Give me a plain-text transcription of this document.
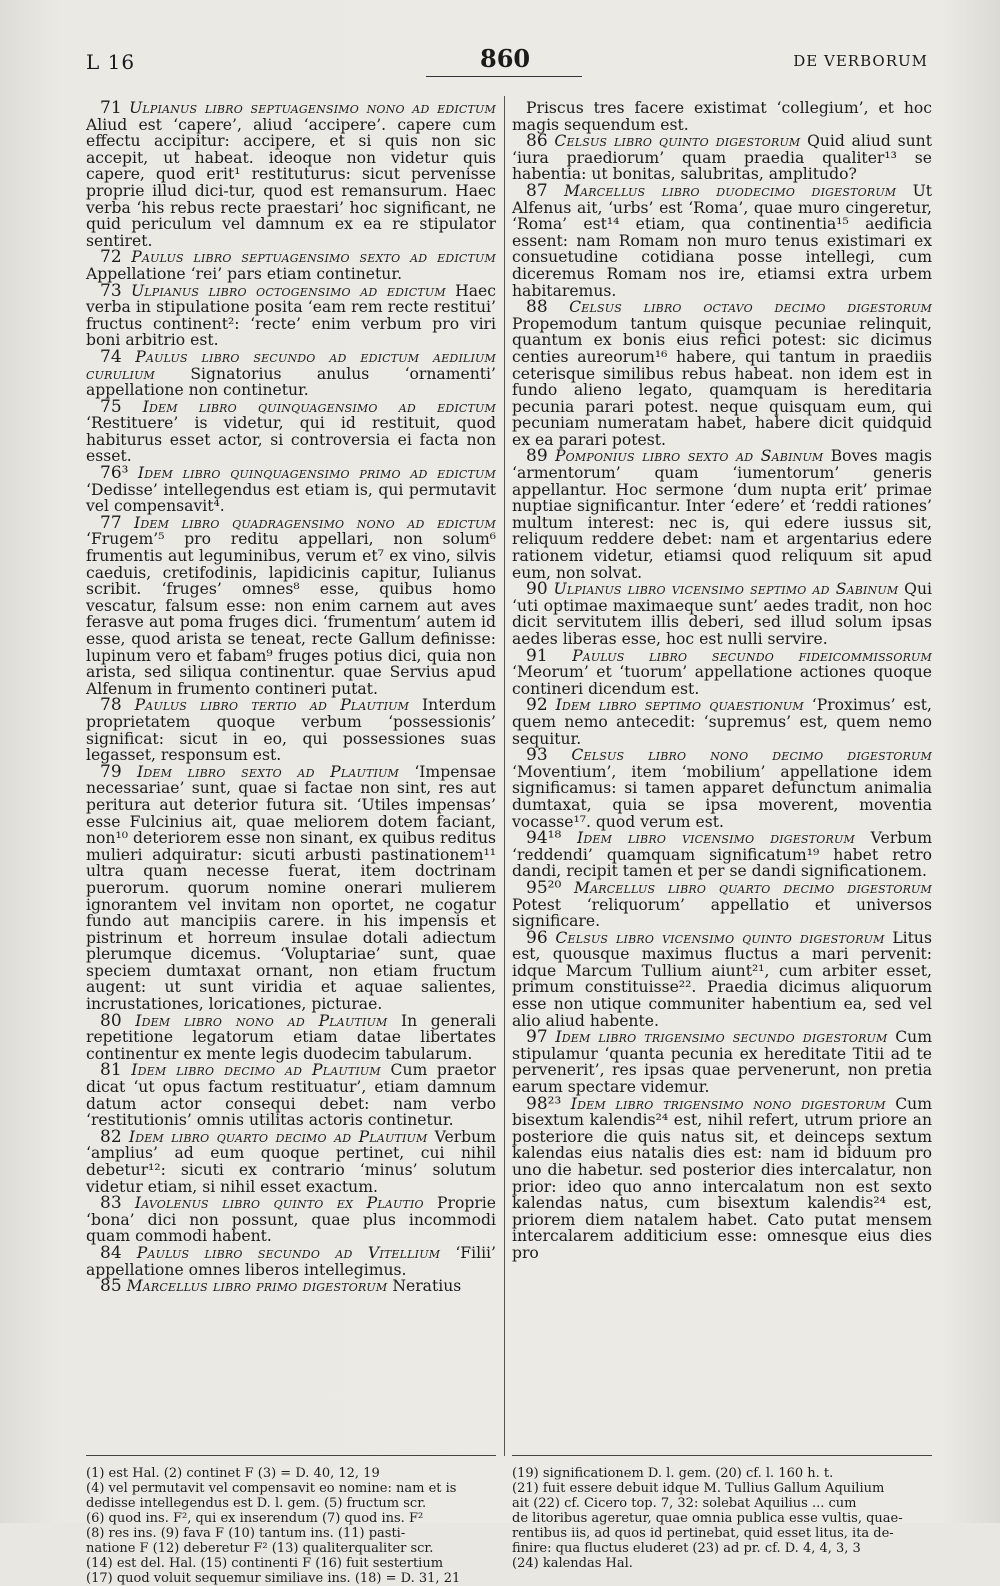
L 16	860	DE VERBORUM

71 Ulpianus libro septuagensimo nono ad edictum Aliud est ‘capere’, aliud ‘accipere’. capere cum effectu accipitur: accipere, et si quis non sic accepit, ut habeat. ideoque non videtur quis capere, quod erit¹ restituturus: sicut pervenisse proprie illud dici-tur, quod est remansurum. Haec verba ‘his rebus recte praestari’ hoc significant, ne quid periculum vel damnum ex ea re stipulator sentiret.

72 Paulus libro septuagensimo sexto ad edictum Appellatione ‘rei’ pars etiam continetur.

73 Ulpianus libro octogensimo ad edictum Haec verba in stipulatione posita ‘eam rem recte restitui’ fructus continent²: ‘recte’ enim verbum pro viri boni arbitrio est.

74 Paulus libro secundo ad edictum aedilium curulium Signatorius anulus ‘ornamenti’ appellatione non continetur.

75 Idem libro quinquagensimo ad edictum ‘Restituere’ is videtur, qui id restituit, quod habiturus esset actor, si controversia ei facta non esset.

76³ Idem libro quinquagensimo primo ad edictum ‘Dedisse’ intellegendus est etiam is, qui permutavit vel compensavit⁴.

77 Idem libro quadragensimo nono ad edictum ‘Frugem’⁵ pro reditu appellari, non solum⁶ frumentis aut leguminibus, verum et⁷ ex vino, silvis caeduis, cretifodinis, lapidicinis capitur, Iulianus scribit. ‘fruges’ omnes⁸ esse, quibus homo vescatur, falsum esse: non enim carnem aut aves ferasve aut poma fruges dici. ‘frumentum’ autem id esse, quod arista se teneat, recte Gallum definisse: lupinum vero et fabam⁹ fruges potius dici, quia non arista, sed siliqua continentur. quae Servius apud Alfenum in frumento contineri putat.

78 Paulus libro tertio ad Plautium Interdum proprietatem quoque verbum ‘possessionis’ significat: sicut in eo, qui possessiones suas legasset, responsum est.

79 Idem libro sexto ad Plautium ‘Impensae necessariae’ sunt, quae si factae non sint, res aut peritura aut deterior futura sit. ‘Utiles impensas’ esse Fulcinius ait, quae meliorem dotem faciant, non¹⁰ deteriorem esse non sinant, ex quibus reditus mulieri adquiratur: sicuti arbusti pastinationem¹¹ ultra quam necesse fuerat, item doctrinam puerorum. quorum nomine onerari mulierem ignorantem vel invitam non oportet, ne cogatur fundo aut mancipiis carere. in his impensis et pistrinum et horreum insulae dotali adiectum plerumque dicemus. ‘Voluptariae’ sunt, quae speciem dumtaxat ornant, non etiam fructum augent: ut sunt viridia et aquae salientes, incrustationes, loricationes, picturae.

80 Idem libro nono ad Plautium In generali repetitione legatorum etiam datae libertates continentur ex mente legis duodecim tabularum.

81 Idem libro decimo ad Plautium Cum praetor dicat ‘ut opus factum restituatur’, etiam damnum datum actor consequi debet: nam verbo ‘restitutionis’ omnis utilitas actoris continetur.

82 Idem libro quarto decimo ad Plautium Verbum ‘amplius’ ad eum quoque pertinet, cui nihil debetur¹²: sicuti ex contrario ‘minus’ solutum videtur etiam, si nihil esset exactum.

83 Iavolenus libro quinto ex Plautio Proprie ‘bona’ dici non possunt, quae plus incommodi quam commodi habent.

84 Paulus libro secundo ad Vitellium ‘Filii’ appellatione omnes liberos intellegimus.

85 Marcellus libro primo digestorum Neratius

Priscus tres facere existimat ‘collegium’, et hoc magis sequendum est.

86 Celsus libro quinto digestorum Quid aliud sunt ‘iura praediorum’ quam praedia qualiter¹³ se habentia: ut bonitas, salubritas, amplitudo?

87 Marcellus libro duodecimo digestorum Ut Alfenus ait, ‘urbs’ est ‘Roma’, quae muro cingeretur, ‘Roma’ est¹⁴ etiam, qua continentia¹⁵ aedificia essent: nam Romam non muro tenus existimari ex consuetudine cotidiana posse intellegi, cum diceremus Romam nos ire, etiamsi extra urbem habitaremus.

88 Celsus libro octavo decimo digestorum Propemodum tantum quisque pecuniae relinquit, quantum ex bonis eius refici potest: sic dicimus centies aureorum¹⁶ habere, qui tantum in praediis ceterisque similibus rebus habeat. non idem est in fundo alieno legato, quamquam is hereditaria pecunia parari potest. neque quisquam eum, qui pecuniam numeratam habet, habere dicit quidquid ex ea parari potest.

89 Pomponius libro sexto ad Sabinum Boves magis ‘armentorum’ quam ‘iumentorum’ generis appellantur. Hoc sermone ‘dum nupta erit’ primae nuptiae significantur. Inter ‘edere’ et ‘reddi rationes’ multum interest: nec is, qui edere iussus sit, reliquum reddere debet: nam et argentarius edere rationem videtur, etiamsi quod reliquum sit apud eum, non solvat.

90 Ulpianus libro vicensimo septimo ad Sabinum Qui ‘uti optimae maximaeque sunt’ aedes tradit, non hoc dicit servitutem illis deberi, sed illud solum ipsas aedes liberas esse, hoc est nulli servire.

91 Paulus libro secundo fideicommissorum ‘Meorum’ et ‘tuorum’ appellatione actiones quoque contineri dicendum est.

92 Idem libro septimo quaestionum ‘Proximus’ est, quem nemo antecedit: ‘supremus’ est, quem nemo sequitur.

93 Celsus libro nono decimo digestorum ‘Moventium’, item ‘mobilium’ appellatione idem significamus: si tamen apparet defunctum animalia dumtaxat, quia se ipsa moverent, moventia vocasse¹⁷. quod verum est.

94¹⁸ Idem libro vicensimo digestorum Verbum ‘reddendi’ quamquam significatum¹⁹ habet retro dandi, recipit tamen et per se dandi significationem.

95²⁰ Marcellus libro quarto decimo digestorum Potest ‘reliquorum’ appellatio et universos significare.

96 Celsus libro vicensimo quinto digestorum Litus est, quousque maximus fluctus a mari pervenit: idque Marcum Tullium aiunt²¹, cum arbiter esset, primum constituisse²². Praedia dicimus aliquorum esse non utique communiter habentium ea, sed vel alio aliud habente.

97 Idem libro trigensimo secundo digestorum Cum stipulamur ‘quanta pecunia ex hereditate Titii ad te pervenerit’, res ipsas quae pervenerunt, non pretia earum spectare videmur.

98²³ Idem libro trigensimo nono digestorum Cum bisextum kalendis²⁴ est, nihil refert, utrum priore an posteriore die quis natus sit, et deinceps sextum kalendas eius natalis dies est: nam id biduum pro uno die habetur. sed posterior dies intercalatur, non prior: ideo quo anno intercalatum non est sexto kalendas natus, cum bisextum kalendis²⁴ est, priorem diem natalem habet. Cato putat mensem intercalarem additicium esse: omnesque eius dies pro

(1) est Hal. (2) continet F (3) = D. 40, 12, 19
(4) vel permutavit vel compensavit eo nomine: nam et is
dedisse intellegendus est D. l. gem. (5) fructum scr.
(6) quod ins. F², qui ex inserendum (7) quod ins. F²
(8) res ins. (9) fava F (10) tantum ins. (11) pasti-
natione F (12) deberetur F² (13) qualiterqualiter scr.
(14) est del. Hal. (15) continenti F (16) fuit sestertium
(17) quod voluit sequemur similiave ins. (18) = D. 31, 21
(19) significationem D. l. gem. (20) cf. l. 160 h. t.
(21) fuit essere debuit idque M. Tullius Gallum Aquilium
ait (22) cf. Cicero top. 7, 32: solebat Aquilius ... cum
de litoribus ageretur, quae omnia publica esse vultis, quae-
rentibus iis, ad quos id pertinebat, quid esset litus, ita de-
finire: qua fluctus eluderet (23) ad pr. cf. D. 4, 4, 3, 3
(24) kalendas Hal.
